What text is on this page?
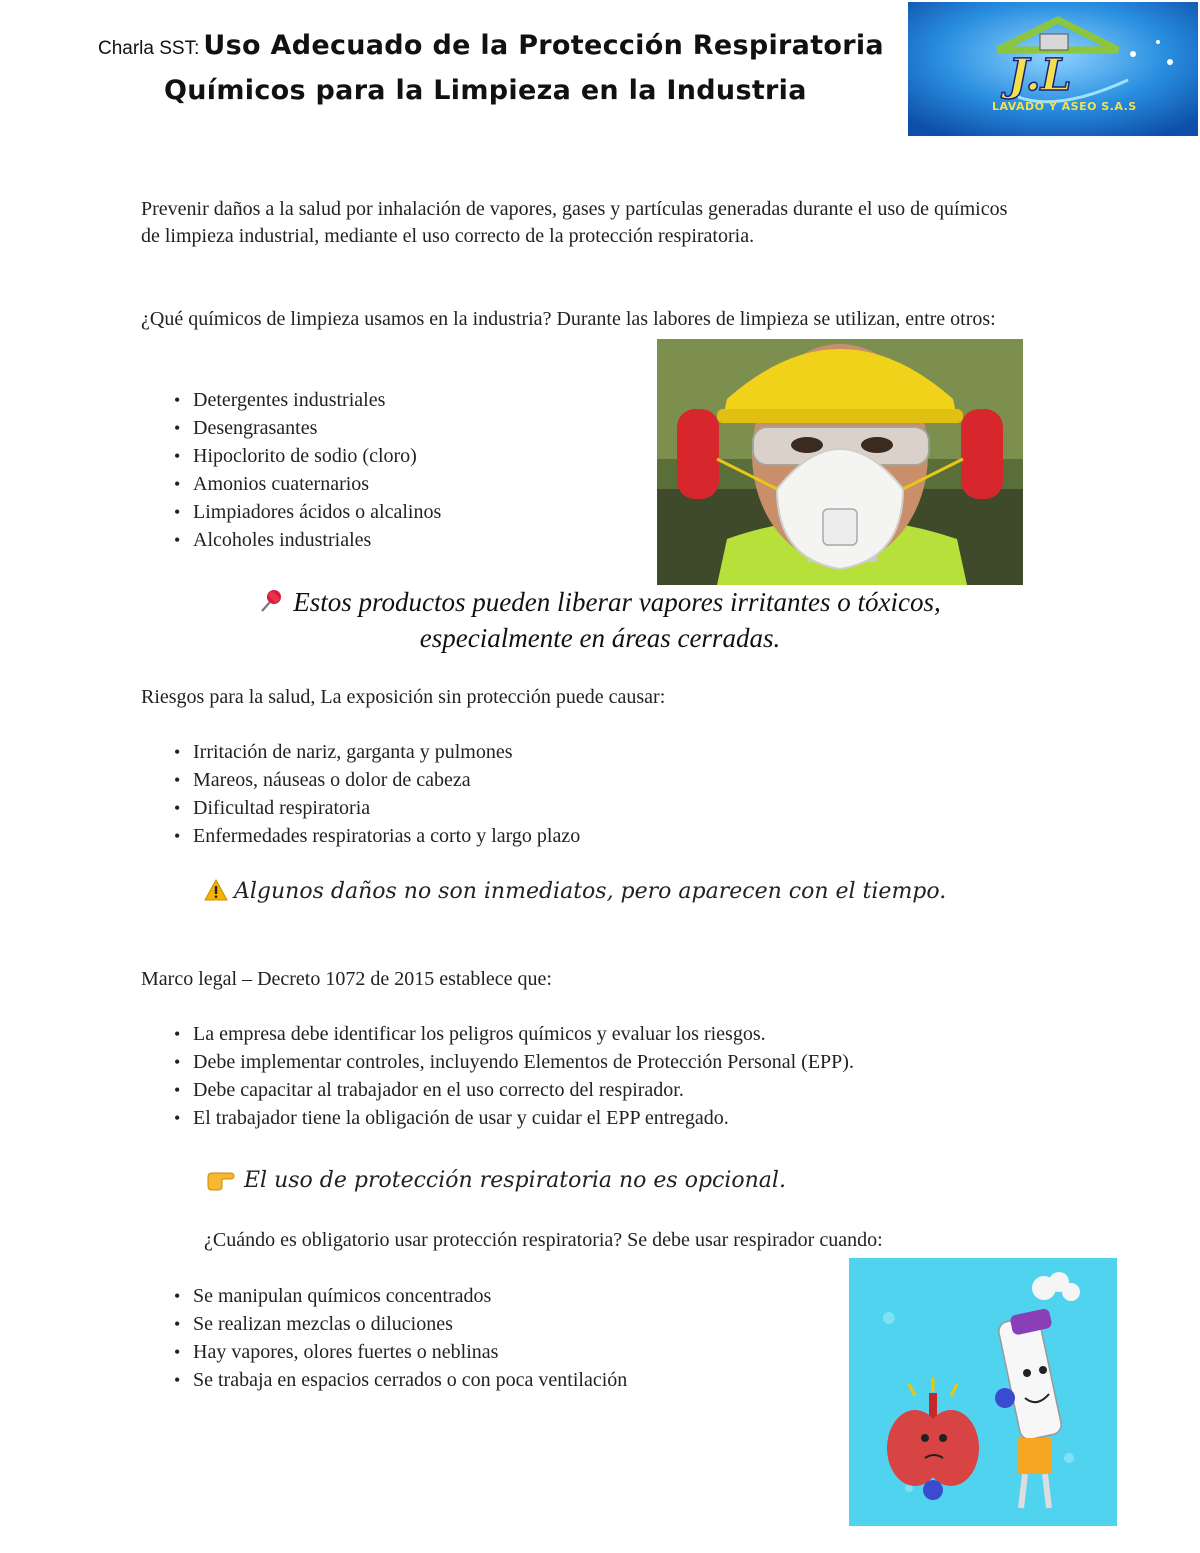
Charla SST: Uso Adecuado de la Protección Respiratoria
Químicos para la Limpieza en la Industria	J.L
LAVADO Y ASEO S.A.S
Prevenir daños a la salud por inhalación de vapores, gases y partículas generadas durante el uso de químicos de limpieza industrial, mediante el uso correcto de la protección respiratoria.
¿Qué químicos de limpieza usamos en la industria? Durante las labores de limpieza se utilizan, entre otros:
• Detergentes industriales
• Desengrasantes
• Hipoclorito de sodio (cloro)
• Amonios cuaternarios
• Limpiadores ácidos o alcalinos
• Alcoholes industriales
Estos productos pueden liberar vapores irritantes o tóxicos,
especialmente en áreas cerradas.
Riesgos para la salud, La exposición sin protección puede causar:
• Irritación de nariz, garganta y pulmones
• Mareos, náuseas o dolor de cabeza
• Dificultad respiratoria
• Enfermedades respiratorias a corto y largo plazo
Algunos daños no son inmediatos, pero aparecen con el tiempo.
Marco legal – Decreto 1072 de 2015 establece que:
• La empresa debe identificar los peligros químicos y evaluar los riesgos.
• Debe implementar controles, incluyendo Elementos de Protección Personal (EPP).
• Debe capacitar al trabajador en el uso correcto del respirador.
• El trabajador tiene la obligación de usar y cuidar el EPP entregado.
El uso de protección respiratoria no es opcional.
¿Cuándo es obligatorio usar protección respiratoria? Se debe usar respirador cuando:
• Se manipulan químicos concentrados
• Se realizan mezclas o diluciones
• Hay vapores, olores fuertes o neblinas
• Se trabaja en espacios cerrados o con poca ventilación
